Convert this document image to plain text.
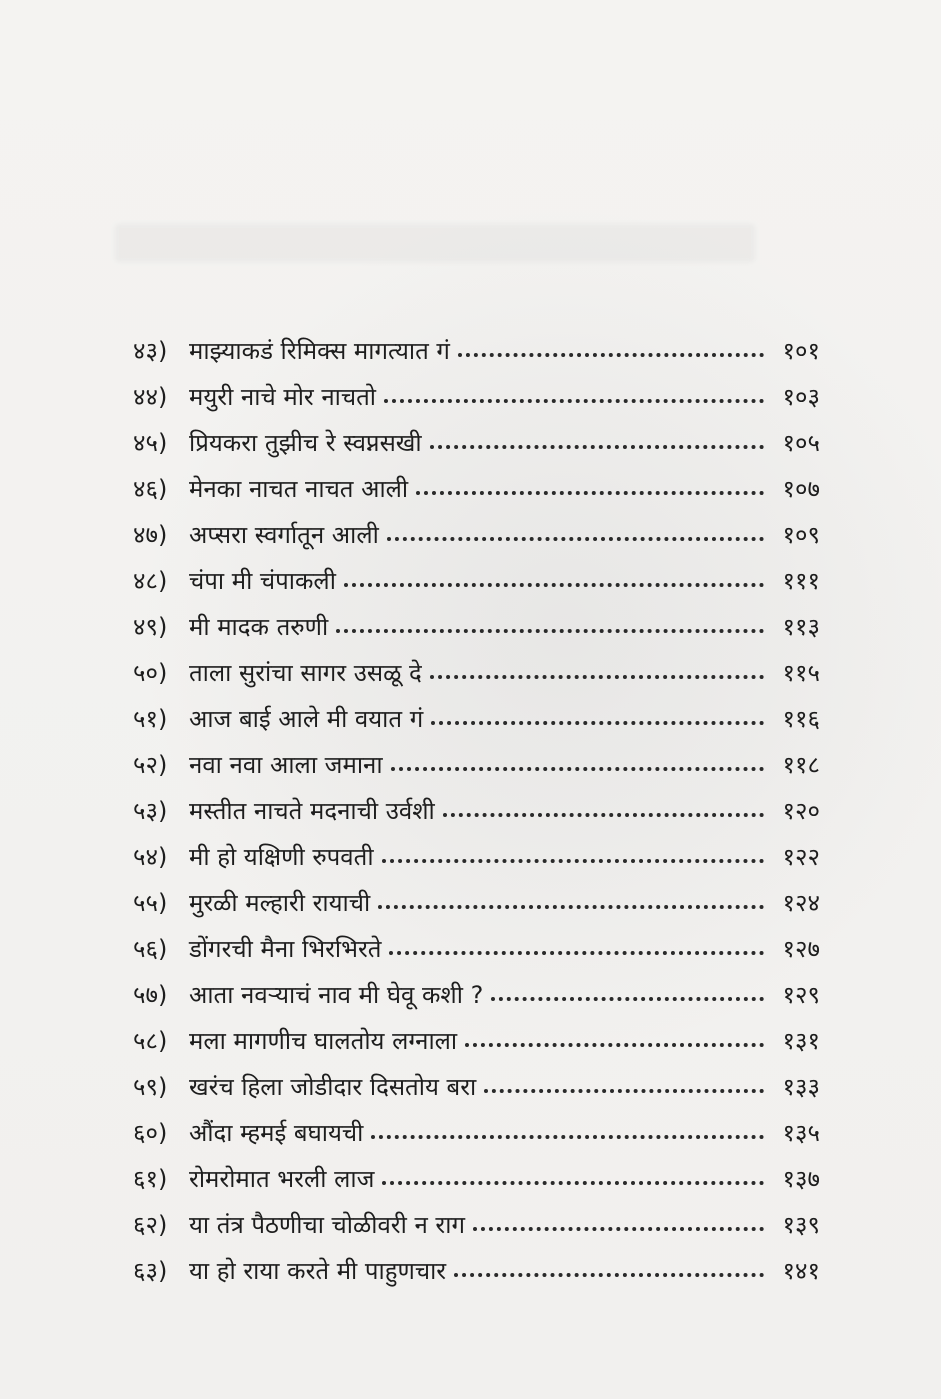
४३) माझ्याकडं रिमिक्स मागत्यात गं	१०१
४४) मयुरी नाचे मोर नाचतो	१०३
४५) प्रियकरा तुझीच रे स्वप्नसखी	१०५
४६) मेनका नाचत नाचत आली	१०७
४७) अप्सरा स्वर्गातून आली	१०९
४८) चंपा मी चंपाकली	१११
४९) मी मादक तरुणी	११३
५०) ताला सुरांचा सागर उसळू दे	११५
५१) आज बाई आले मी वयात गं	११६
५२) नवा नवा आला जमाना	११८
५३) मस्तीत नाचते मदनाची उर्वशी	१२०
५४) मी हो यक्षिणी रुपवती	१२२
५५) मुरळी मल्हारी रायाची	१२४
५६) डोंगरची मैना भिरभिरते	१२७
५७) आता नवऱ्याचं नाव मी घेवू कशी ?	१२९
५८) मला मागणीच घालतोय लग्नाला	१३१
५९) खरंच हिला जोडीदार दिसतोय बरा	१३३
६०) औंदा म्हमई बघायची	१३५
६१) रोमरोमात भरली लाज	१३७
६२) या तंत्र पैठणीचा चोळीवरी न राग	१३९
६३) या हो राया करते मी पाहुणचार	१४१
